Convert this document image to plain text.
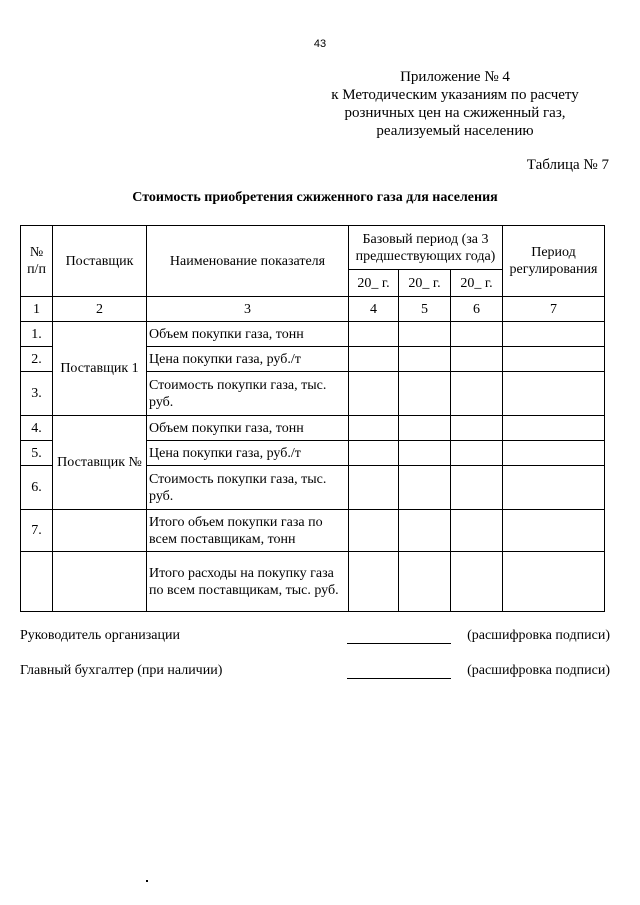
43
Приложение № 4
к Методическим указаниям по расчету
розничных цен на сжиженный газ,
реализуемый населению
Таблица № 7
Стоимость приобретения сжиженного газа для населения
№ п/п	Поставщик	Наименование показателя	Базовый период (за 3 предшествующих года)			Период регулирования
			20_ г.	20_ г.	20_ г.	
1	2	3	4	5	6	7
1.	Поставщик 1	Объем покупки газа, тонн				
2.		Цена покупки газа, руб./т				
3.		Стоимость покупки газа, тыс. руб.				
4.	Поставщик №	Объем покупки газа, тонн				
5.		Цена покупки газа, руб./т				
6.		Стоимость покупки газа, тыс. руб.				
7.		Итого объем покупки газа по всем поставщикам, тонн				
		Итого расходы на покупку газа по всем поставщикам, тыс. руб.				
Руководитель организации	(расшифровка подписи)
Главный бухгалтер (при наличии)	(расшифровка подписи)
